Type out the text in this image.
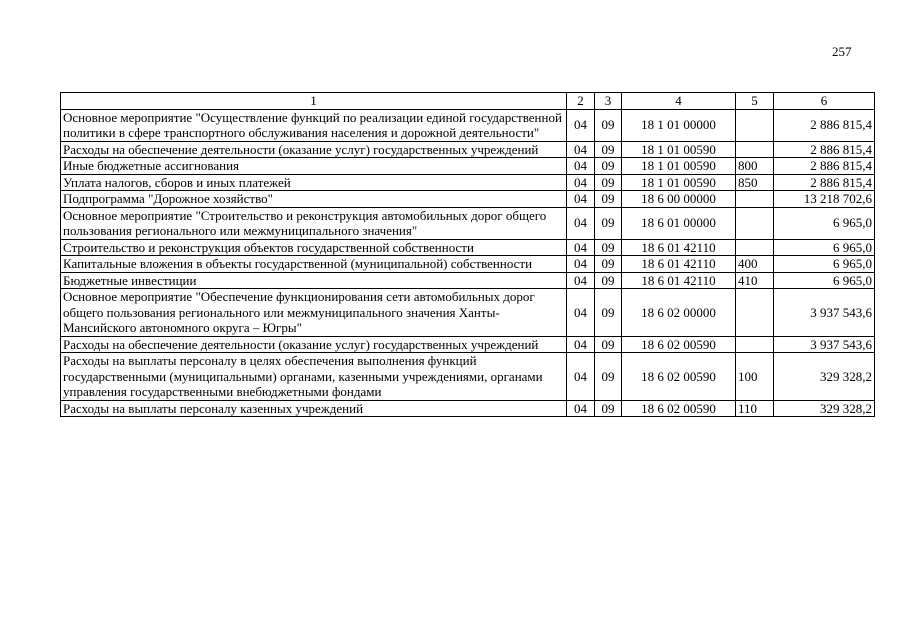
257
1	2	3	4	5	6
Основное мероприятие "Осуществление функций по реализации единой государственной политики в сфере транспортного обслуживания населения и дорожной деятельности"	04	09	18 1 01 00000		2 886 815,4
Расходы на обеспечение деятельности (оказание услуг) государственных учреждений	04	09	18 1 01 00590		2 886 815,4
Иные бюджетные ассигнования	04	09	18 1 01 00590	800	2 886 815,4
Уплата налогов, сборов и иных платежей	04	09	18 1 01 00590	850	2 886 815,4
Подпрограмма "Дорожное хозяйство"	04	09	18 6 00 00000		13 218 702,6
Основное мероприятие "Строительство и реконструкция автомобильных дорог общего пользования регионального или межмуниципального значения"	04	09	18 6 01 00000		6 965,0
Строительство и реконструкция объектов государственной собственности	04	09	18 6 01 42110		6 965,0
Капитальные вложения в объекты государственной (муниципальной) собственности	04	09	18 6 01 42110	400	6 965,0
Бюджетные инвестиции	04	09	18 6 01 42110	410	6 965,0
Основное мероприятие "Обеспечение функционирования сети автомобильных дорог общего пользования регионального или межмуниципального значения Ханты-Мансийского автономного округа – Югры"	04	09	18 6 02 00000		3 937 543,6
Расходы на обеспечение деятельности (оказание услуг) государственных учреждений	04	09	18 6 02 00590		3 937 543,6
Расходы на выплаты персоналу в целях обеспечения выполнения функций государственными (муниципальными) органами, казенными учреждениями, органами управления государственными внебюджетными фондами	04	09	18 6 02 00590	100	329 328,2
Расходы на выплаты персоналу казенных учреждений	04	09	18 6 02 00590	110	329 328,2
